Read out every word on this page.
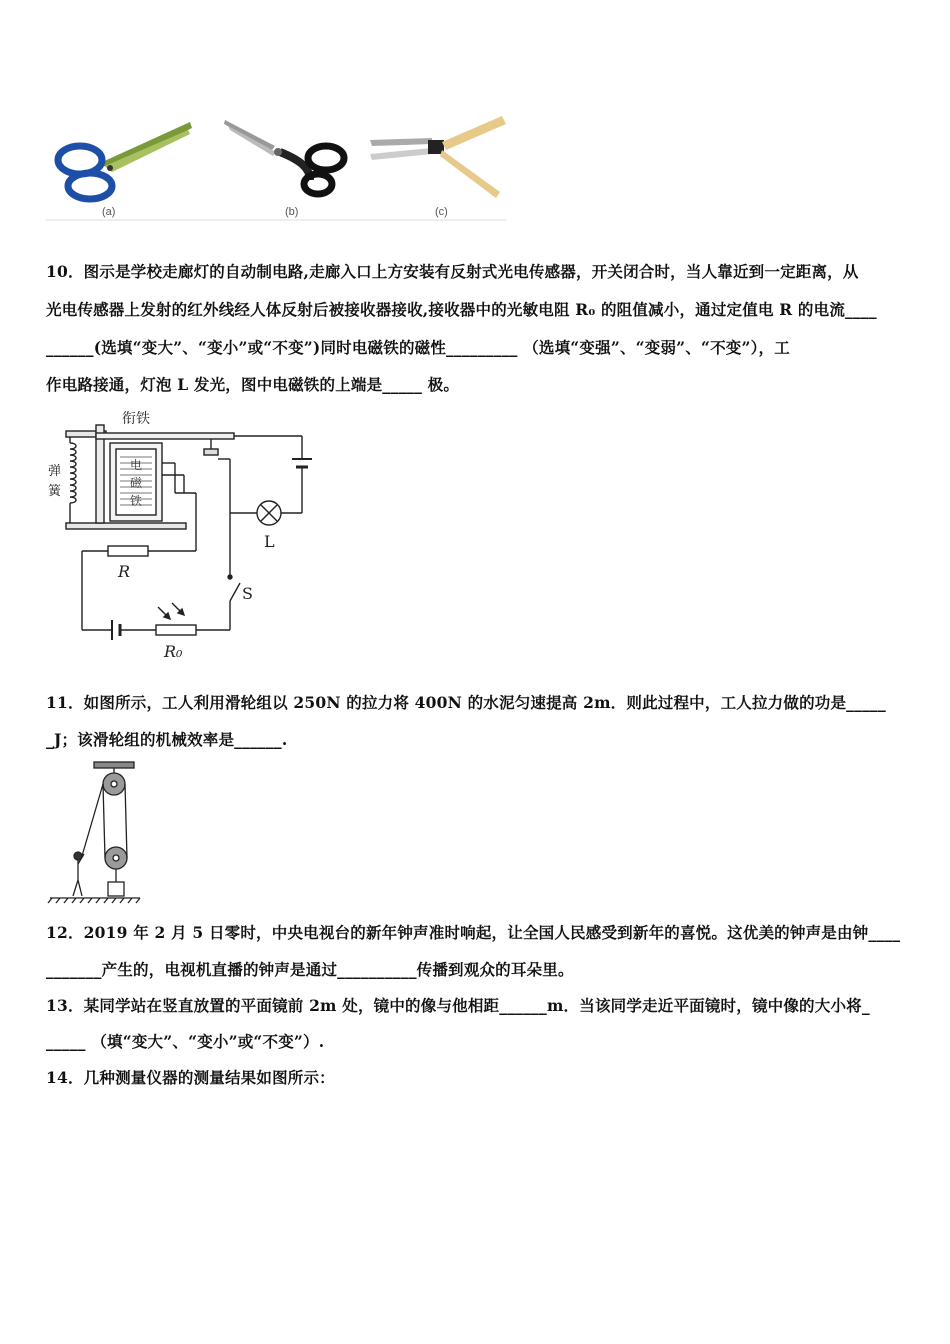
(a)	(b)	(c)
10．图示是学校走廊灯的自动制电路,走廊入口上方安装有反射式光电传感器，开关闭合时，当人靠近到一定距离，从
光电传感器上发射的红外线经人体反射后被接收器接收,接收器中的光敏电阻 R₀ 的阻值减小，通过定值电 R 的电流____
______(选填“变大”、“变小”或“不变”)同时电磁铁的磁性_________ （选填“变强”、“变弱”、“不变”），工
作电路接通，灯泡 L 发光，图中电磁铁的上端是_____ 极。
衔铁
弹
簧
电
磁
铁
L
R
S
R₀
11．如图所示，工人利用滑轮组以 250N 的拉力将 400N 的水泥匀速提高 2m．则此过程中，工人拉力做的功是_____
_J；该滑轮组的机械效率是______.
12．2019 年 2 月 5 日零时，中央电视台的新年钟声准时响起，让全国人民感受到新年的喜悦。这优美的钟声是由钟____
_______产生的，电视机直播的钟声是通过__________传播到观众的耳朵里。
13．某同学站在竖直放置的平面镜前 2m 处，镜中的像与他相距______m．当该同学走近平面镜时，镜中像的大小将_
_____ （填“变大”、“变小”或“不变”）.
14．几种测量仪器的测量结果如图所示：
